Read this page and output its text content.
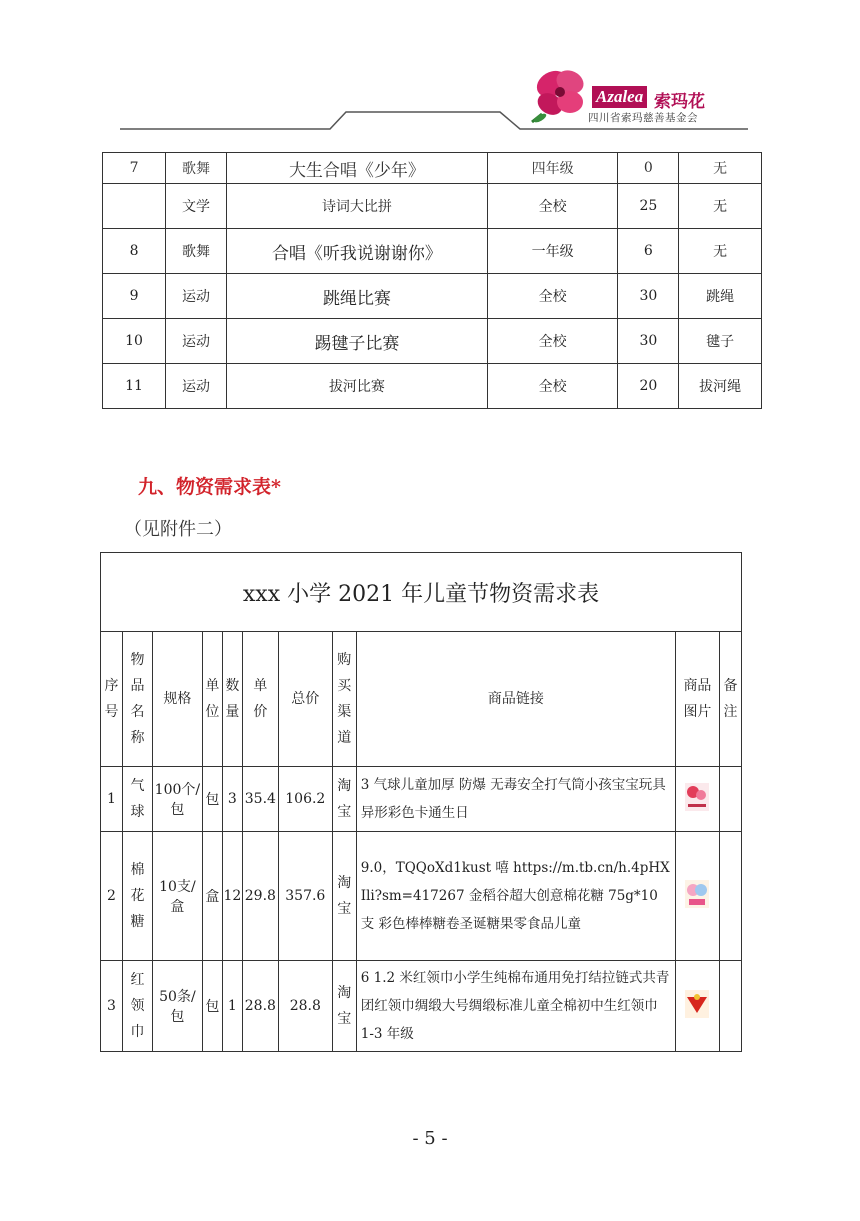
Azalea 索玛花
四川省索玛慈善基金会
7	歌舞	大生合唱《少年》	四年级	0	无
	文学	诗词大比拼	全校	25	无
8	歌舞	合唱《听我说谢谢你》	一年级	6	无
9	运动	跳绳比赛	全校	30	跳绳
10	运动	踢毽子比赛	全校	30	毽子
11	运动	拔河比赛	全校	20	拔河绳
九、物资需求表*
（见附件二）
xxx 小学 2021 年儿童节物资需求表										
序号	物品名称	规格	单位	数量	单价	总价	购买渠道	商品链接	商品图片	备注
1	气球	100个/包	包	3	35.4	106.2	淘宝	3 气球儿童加厚 防爆 无毒安全打气筒小孩宝宝玩具异形彩色卡通生日		
2	棉花糖	10支/盒	盒	12	29.8	357.6	淘宝	9.0，TQQoXd1kust 嘻 https://m.tb.cn/h.4pHXIli?sm=417267 金稻谷超大创意棉花糖 75g*10 支 彩色棒棒糖卷圣诞糖果零食品儿童		
3	红领巾	50条/包	包	1	28.8	28.8	淘宝	6 1.2 米红领巾小学生纯棉布通用免打结拉链式共青团红领巾绸缎大号绸缎标准儿童全棉初中生红领巾 1-3 年级		
- 5 -
